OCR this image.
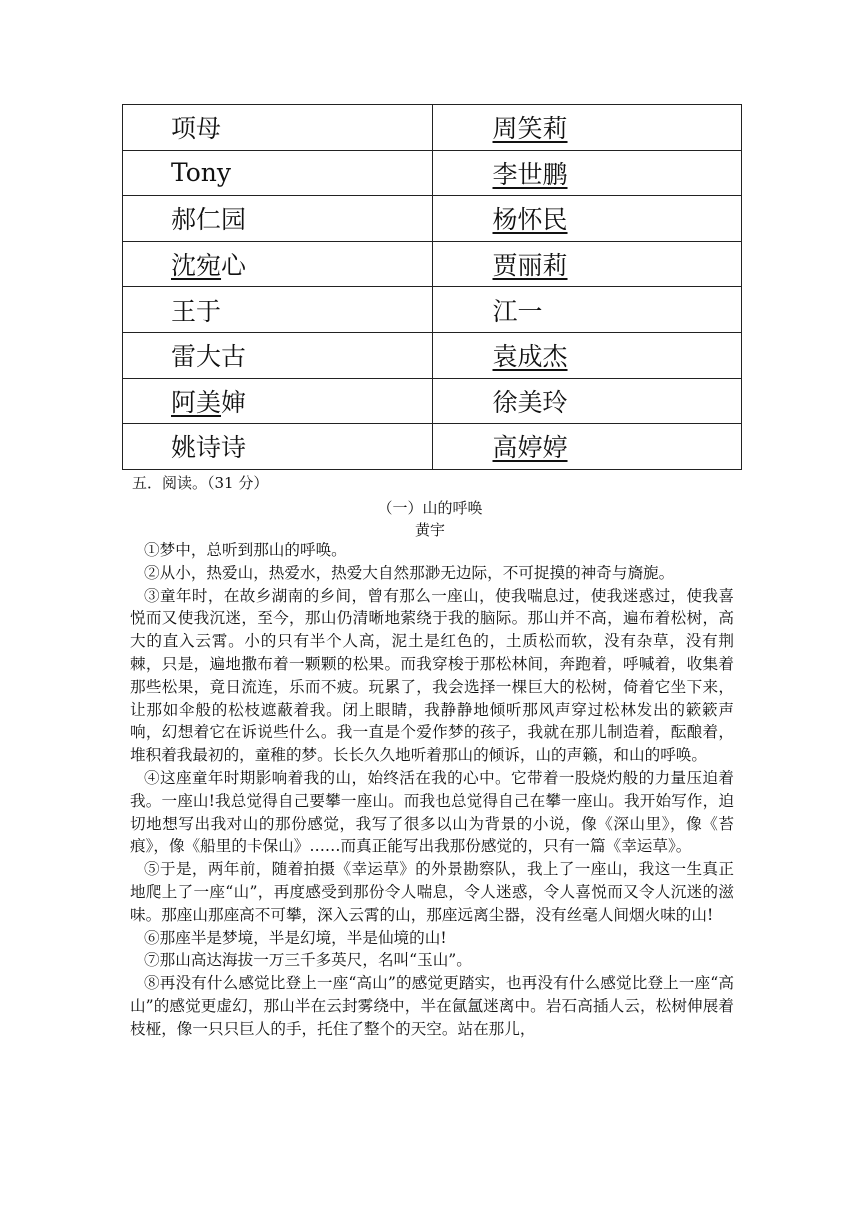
项母	周笑莉
Tony	李世鹏
郝仁园	杨怀民
沈宛心	贾丽莉
王于	江一
雷大古	袁成杰
阿美婶	徐美玲
姚诗诗	高婷婷

五．阅读。（31 分）

（一）山的呼唤

黄宇

①梦中，总听到那山的呼唤。

②从小，热爱山，热爱水，热爱大自然那渺无边际，不可捉摸的神奇与旖旎。

③童年时，在故乡湖南的乡间，曾有那么一座山，使我喘息过，使我迷惑过，使我喜悦而又使我沉迷，至今，那山仍清晰地萦绕于我的脑际。那山并不高，遍布着松树，高大的直入云霄。小的只有半个人高，泥土是红色的，土质松而软，没有杂草，没有荆棘，只是，遍地撒布着一颗颗的松果。而我穿梭于那松林间，奔跑着，呼喊着，收集着那些松果，竟日流连，乐而不疲。玩累了，我会选择一棵巨大的松树，倚着它坐下来，让那如伞般的松枝遮蔽着我。闭上眼睛，我静静地倾听那风声穿过松林发出的簌簌声响，幻想着它在诉说些什么。我一直是个爱作梦的孩子，我就在那儿制造着，酝酿着，堆积着我最初的，童稚的梦。长长久久地听着那山的倾诉，山的声籁，和山的呼唤。

④这座童年时期影响着我的山，始终活在我的心中。它带着一股烧灼般的力量压迫着我。一座山!我总觉得自己要攀一座山。而我也总觉得自己在攀一座山。我开始写作，迫切地想写出我对山的那份感觉，我写了很多以山为背景的小说，像《深山里》，像《苔痕》，像《船里的卡保山》……而真正能写出我那份感觉的，只有一篇《幸运草》。

⑤于是，两年前，随着拍摄《幸运草》的外景勘察队，我上了一座山，我这一生真正地爬上了一座“山”，再度感受到那份令人喘息，令人迷惑，令人喜悦而又令人沉迷的滋味。那座山那座高不可攀，深入云霄的山，那座远离尘器，没有丝毫人间烟火味的山!

⑥那座半是梦境，半是幻境，半是仙境的山!

⑦那山高达海拔一万三千多英尺，名叫“玉山”。

⑧再没有什么感觉比登上一座“高山”的感觉更踏实，也再没有什么感觉比登上一座“高山”的感觉更虚幻，那山半在云封雾绕中，半在氤氲迷离中。岩石高插人云，松树伸展着枝桠，像一只只巨人的手，托住了整个的天空。站在那儿，
